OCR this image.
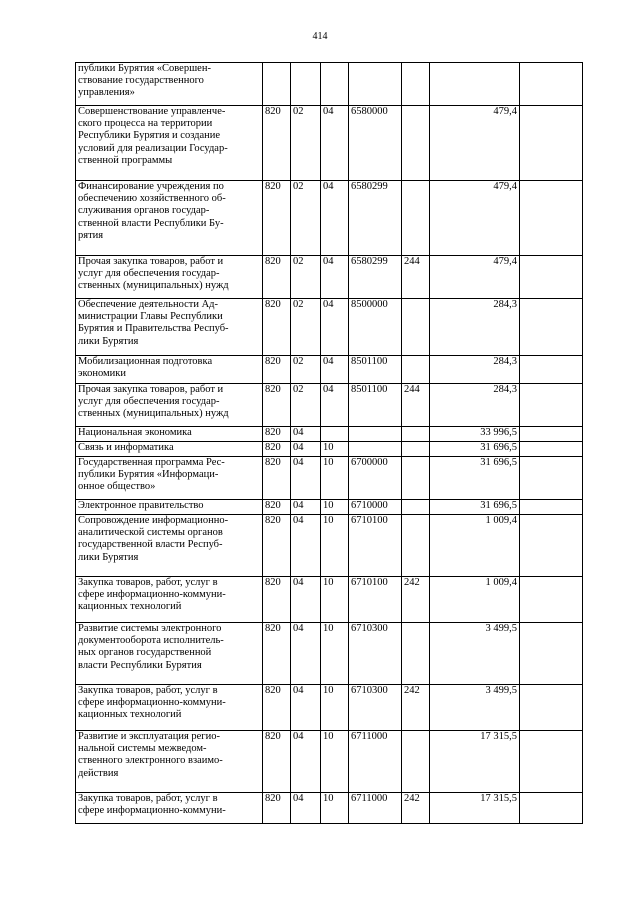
414
публики Бурятия «Совершен-
ствование государственного
управления»							

Совершенствование управленче-
ского процесса на территории
Республики Бурятия и создание
условий для реализации Государ-
ственной программы	820	02	04	6580000		479,4	

Финансирование учреждения по
обеспечению хозяйственного об-
служивания органов государ-
ственной власти Республики Бу-
рятия	820	02	04	6580299		479,4	

Прочая закупка товаров, работ и
услуг для обеспечения государ-
ственных (муниципальных) нужд	820	02	04	6580299	244	479,4	

Обеспечение деятельности Ад-
министрации Главы Республики
Бурятия и Правительства Респуб-
лики Бурятия	820	02	04	8500000		284,3	

Мобилизационная подготовка
экономики	820	02	04	8501100		284,3	

Прочая закупка товаров, работ и
услуг для обеспечения государ-
ственных (муниципальных) нужд	820	02	04	8501100	244	284,3	

Национальная экономика	820	04				33 996,5	

Связь и информатика	820	04	10			31 696,5	

Государственная программа Рес-
публики Бурятия «Информаци-
онное общество»	820	04	10	6700000		31 696,5	

Электронное правительство	820	04	10	6710000		31 696,5	

Сопровождение информационно-
аналитической системы органов
государственной власти Респуб-
лики Бурятия	820	04	10	6710100		1 009,4	

Закупка товаров, работ, услуг в
сфере информационно-коммуни-
кационных технологий	820	04	10	6710100	242	1 009,4	

Развитие системы электронного
документооборота исполнитель-
ных органов государственной
власти Республики Бурятия	820	04	10	6710300		3 499,5	

Закупка товаров, работ, услуг в
сфере информационно-коммуни-
кационных технологий	820	04	10	6710300	242	3 499,5	

Развитие и эксплуатация регио-
нальной системы межведом-
ственного электронного взаимо-
действия	820	04	10	6711000		17 315,5	

Закупка товаров, работ, услуг в
сфере информационно-коммуни-	820	04	10	6711000	242	17 315,5	
